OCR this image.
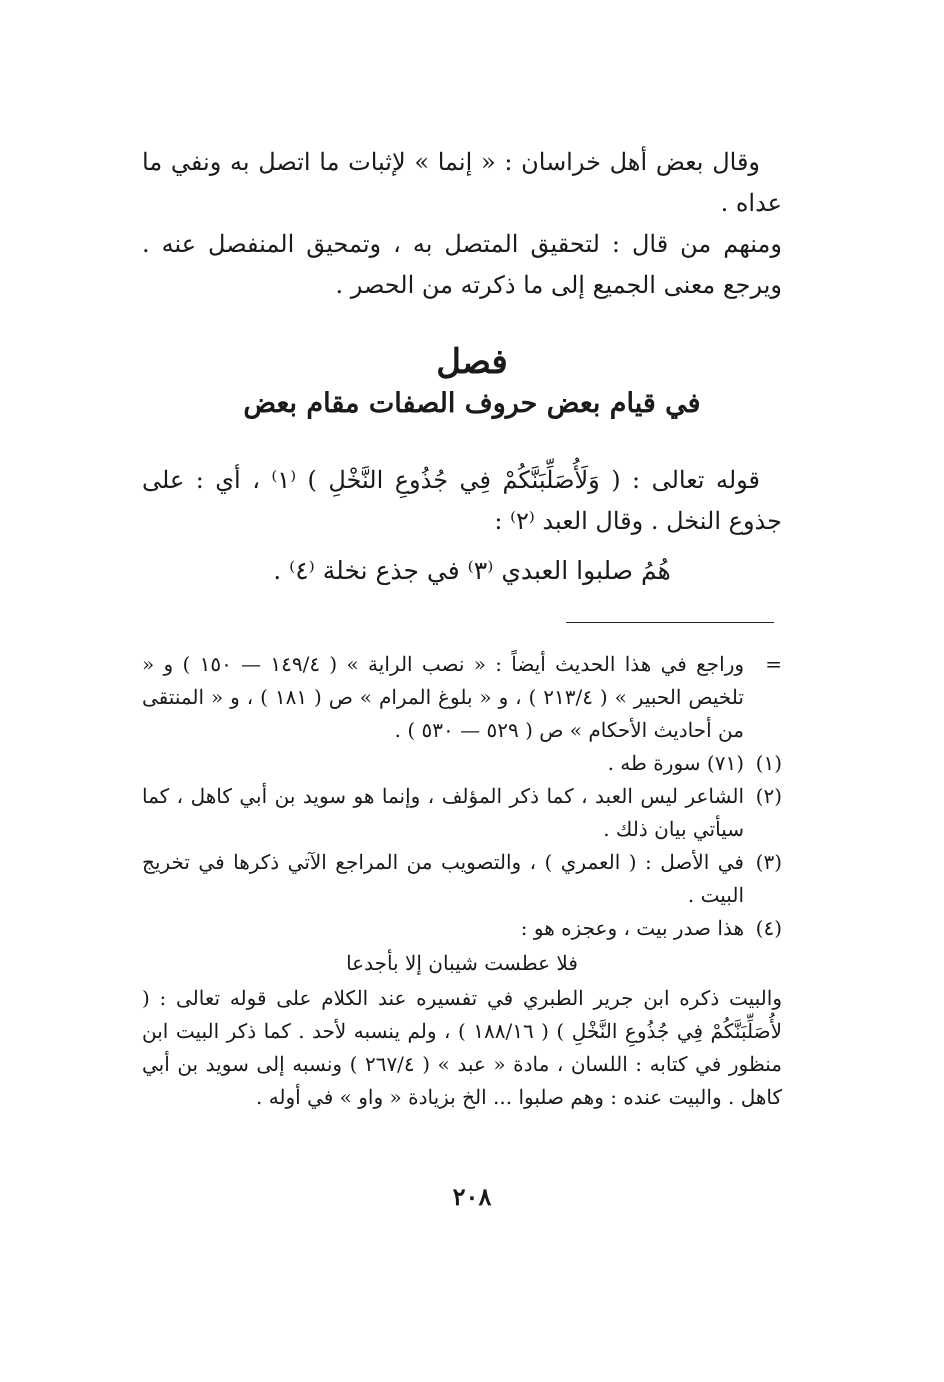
وقال بعض أهل خراسان : « إنما » لإثبات ما اتصل به ونفي ما عداه .

ومنهم من قال : لتحقيق المتصل به ، وتمحيق المنفصل عنه . ويرجع معنى الجميع إلى ما ذكرته من الحصر .

فصل
في قيام بعض حروف الصفات مقام بعض

قوله تعالى : ( وَلَأُصَلِّبَنَّكُمْ فِي جُذُوعِ النَّخْلِ ) ⁽١⁾ ، أي : على جذوع النخل . وقال العبد ⁽٢⁾ :

هُمُ صلبوا العبدي ⁽٣⁾ في جذع نخلة ⁽٤⁾ .
=
وراجع في هذا الحديث أيضاً : « نصب الراية » ( ١٤٩/٤ — ١٥٠ ) و « تلخيص الحبير » ( ٢١٣/٤ ) ، و « بلوغ المرام » ص ( ١٨١ ) ، و « المنتقى من أحاديث الأحكام » ص ( ٥٢٩ — ٥٣٠ ) .
(١)
(٧١) سورة طه .
(٢)
الشاعر ليس العبد ، كما ذكر المؤلف ، وإنما هو سويد بن أبي كاهل ، كما سيأتي بيان ذلك .
(٣)
في الأصل : ( العمري ) ، والتصويب من المراجع الآتي ذكرها في تخريج البيت .
(٤)
هذا صدر بيت ، وعجزه هو :
فلا عطست شيبان إلا بأجدعا
والبيت ذكره ابن جرير الطبري في تفسيره عند الكلام على قوله تعالى : ( لأُصَلِّبَنَّكُمْ فِي جُذُوعِ النَّخْلِ ) ( ١٨٨/١٦ ) ، ولم ينسبه لأحد . كما ذكر البيت ابن منظور في كتابه : اللسان ، مادة « عبد » ( ٢٦٧/٤ ) ونسبه إلى سويد بن أبي كاهل . والبيت عنده : وهم صلبوا ... الخ بزيادة « واو » في أوله .
٢٠٨
